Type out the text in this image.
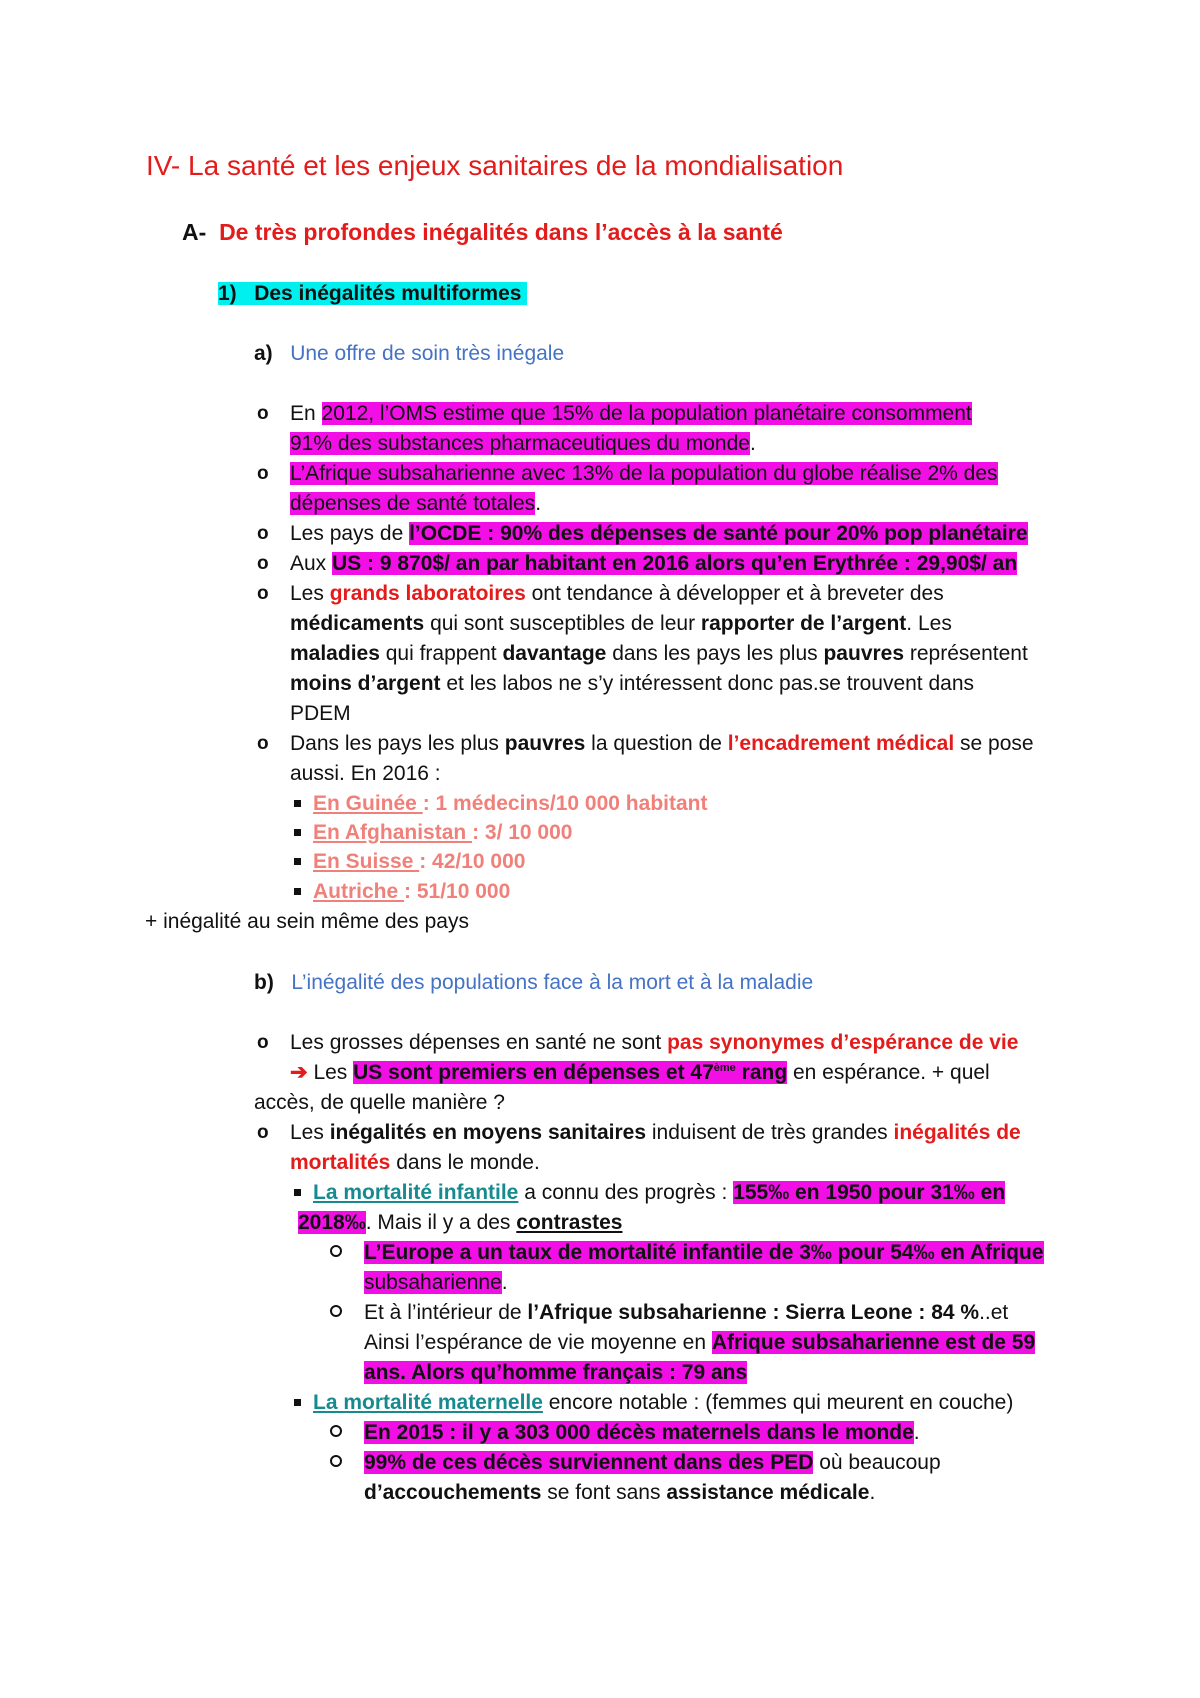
IV- La santé et les enjeux sanitaires de la mondialisation
A- De très profondes inégalités dans l’accès à la santé
1) Des inégalités multiformes
a) Une offre de soin très inégale
o En 2012, l’OMS estime que 15% de la population planétaire consomment
91% des substances pharmaceutiques du monde.
o L’Afrique subsaharienne avec 13% de la population du globe réalise 2% des
dépenses de santé totales.
o Les pays de l’OCDE : 90% des dépenses de santé pour 20% pop planétaire
o Aux US : 9 870$/ an par habitant en 2016 alors qu’en Erythrée : 29,90$/ an
o Les grands laboratoires ont tendance à développer et à breveter des
médicaments qui sont susceptibles de leur rapporter de l’argent. Les
maladies qui frappent davantage dans les pays les plus pauvres représentent
moins d’argent et les labos ne s’y intéressent donc pas.se trouvent dans
PDEM
o Dans les pays les plus pauvres la question de l’encadrement médical se pose
aussi. En 2016 :
En Guinée : 1 médecins/10 000 habitant
En Afghanistan : 3/ 10 000
En Suisse : 42/10 000
Autriche : 51/10 000
+ inégalité au sein même des pays
b) L’inégalité des populations face à la mort et à la maladie
o Les grosses dépenses en santé ne sont pas synonymes d’espérance de vie
➔ Les US sont premiers en dépenses et 47ème rang en espérance. + quel
accès, de quelle manière ?
o Les inégalités en moyens sanitaires induisent de très grandes inégalités de
mortalités dans le monde.
La mortalité infantile a connu des progrès : 155‰ en 1950 pour 31‰ en
2018‰. Mais il y a des contrastes
L’Europe a un taux de mortalité infantile de 3‰ pour 54‰ en Afrique
subsaharienne.
Et à l’intérieur de l’Afrique subsaharienne : Sierra Leone : 84 %..et
Ainsi l’espérance de vie moyenne en Afrique subsaharienne est de 59
ans. Alors qu’homme français : 79 ans
La mortalité maternelle encore notable : (femmes qui meurent en couche)
En 2015 : il y a 303 000 décès maternels dans le monde.
99% de ces décès surviennent dans des PED où beaucoup
d’accouchements se font sans assistance médicale.
